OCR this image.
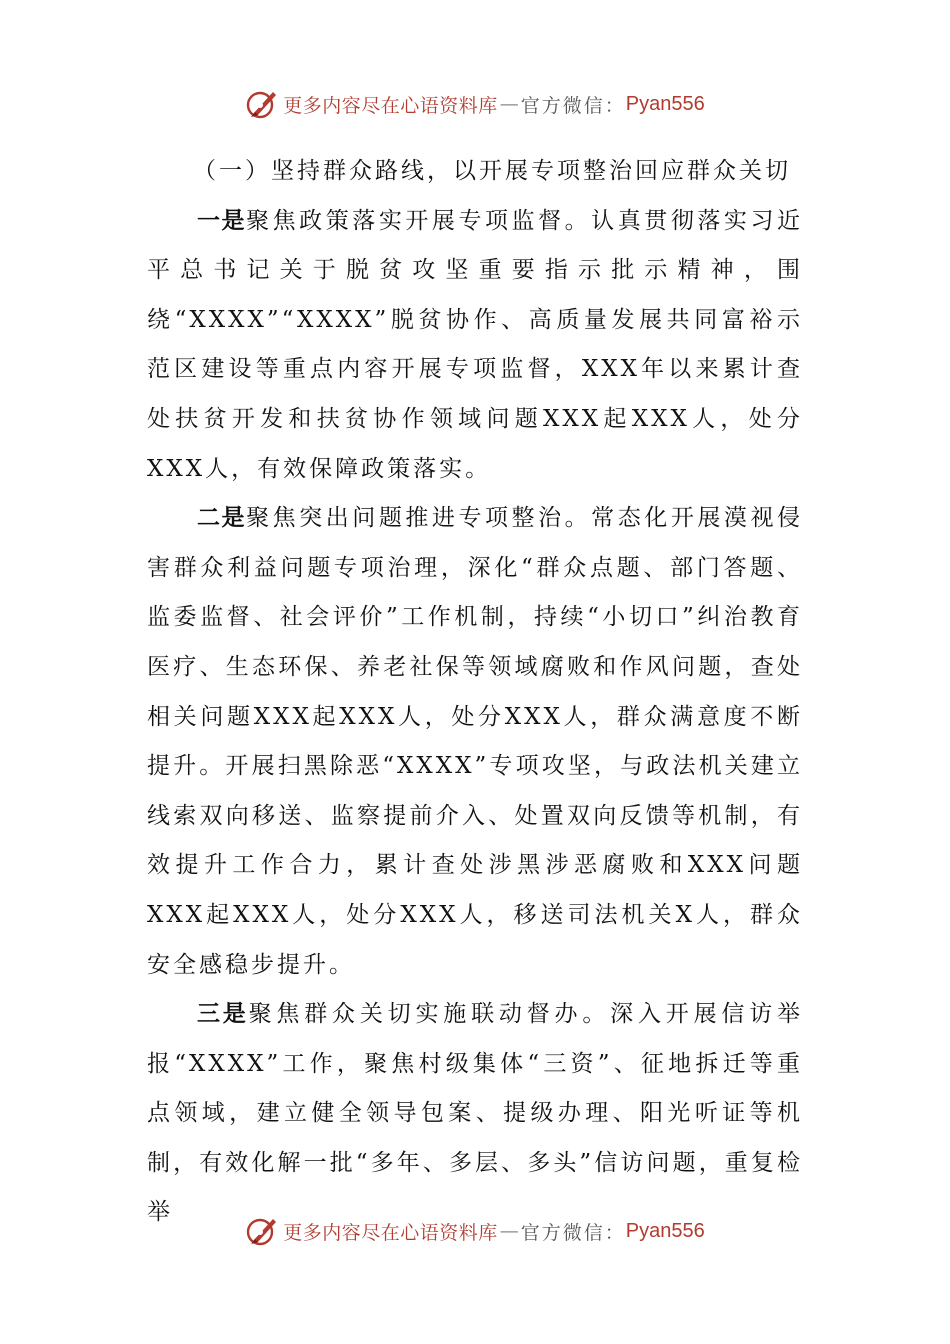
更多内容尽在心语资料库 — 官方微信： Pyan556

（一）坚持群众路线，以开展专项整治回应群众关切

一是聚焦政策落实开展专项监督。认真贯彻落实习近平总书记关于脱贫攻坚重要指示批示精神，围绕“XXXX”“XXXX”脱贫协作、高质量发展共同富裕示范区建设等重点内容开展专项监督，XXX年以来累计查处扶贫开发和扶贫协作领域问题XXX起XXX人，处分XXX人，有效保障政策落实。

二是聚焦突出问题推进专项整治。常态化开展漠视侵害群众利益问题专项治理，深化“群众点题、部门答题、监委监督、社会评价”工作机制，持续“小切口”纠治教育医疗、生态环保、养老社保等领域腐败和作风问题，查处相关问题XXX起XXX人，处分XXX人，群众满意度不断提升。开展扫黑除恶“XXXX”专项攻坚，与政法机关建立线索双向移送、监察提前介入、处置双向反馈等机制，有效提升工作合力，累计查处涉黑涉恶腐败和XXX问题XXX起XXX人，处分XXX人，移送司法机关X人，群众安全感稳步提升。

三是聚焦群众关切实施联动督办。深入开展信访举报“XXXX”工作，聚焦村级集体“三资”、征地拆迁等重点领域，建立健全领导包案、提级办理、阳光听证等机制，有效化解一批“多年、多层、多头”信访问题，重复检举

更多内容尽在心语资料库 — 官方微信： Pyan556
